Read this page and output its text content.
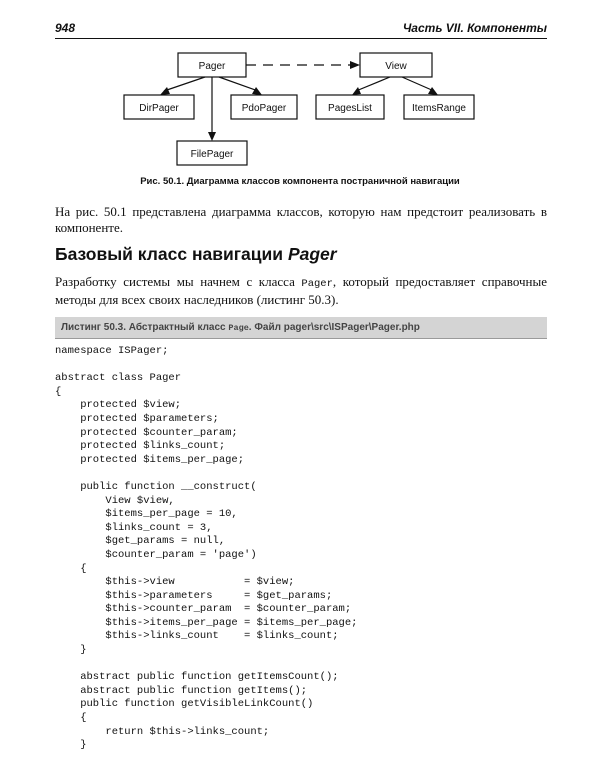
948	Часть VII. Компоненты
Pager	View
DirPager	PdoPager
FilePager
PagesList	ItemsRange
Рис. 50.1. Диаграмма классов компонента постраничной навигации
На рис. 50.1 представлена диаграмма классов, которую нам предстоит реализовать в компоненте.
Базовый класс навигации Pager
Разработку системы мы начнем с класса Pager, который предоставляет справочные методы для всех своих наследников (листинг 50.3).
Листинг 50.3. Абстрактный класс Page. Файл pager\src\ISPager\Pager.php
namespace ISPager;

abstract class Pager
{
protected $view;
protected $parameters;
protected $counter_param;
protected $links_count;
protected $items_per_page;

public function __construct(
View $view,
$items_per_page = 10,
$links_count = 3,
$get_params = null,
$counter_param = 'page')
{
$this->view           = $view;
$this->parameters     = $get_params;
$this->counter_param  = $counter_param;
$this->items_per_page = $items_per_page;
$this->links_count    = $links_count;
}

abstract public function getItemsCount();
abstract public function getItems();
public function getVisibleLinkCount()
{
return $this->links_count;
}
